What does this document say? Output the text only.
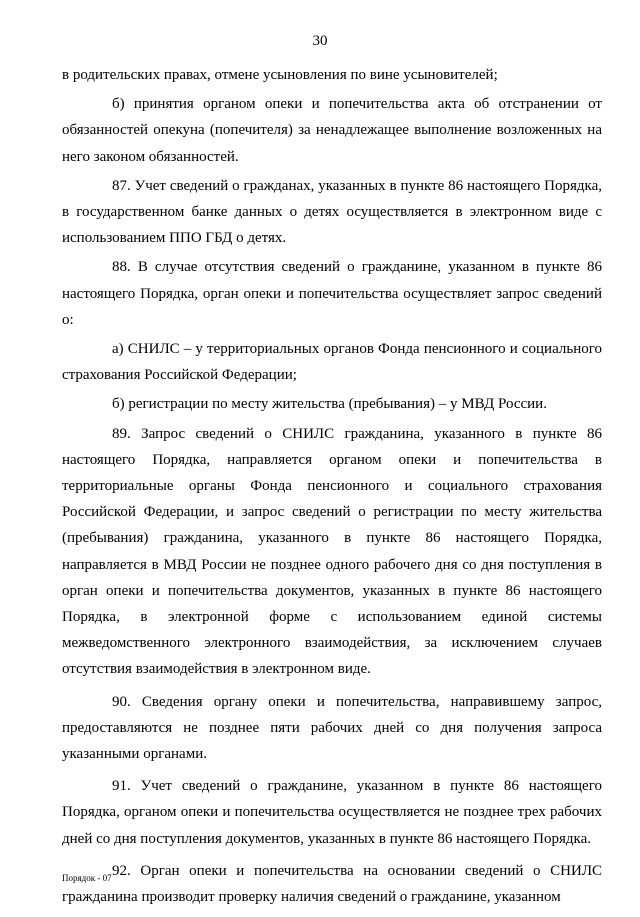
30

в родительских правах, отмене усыновления по вине усыновителей;

б) принятия органом опеки и попечительства акта об отстранении от обязанностей опекуна (попечителя) за ненадлежащее выполнение возложенных на него законом обязанностей.

87. Учет сведений о гражданах, указанных в пункте 86 настоящего Порядка, в государственном банке данных о детях осуществляется в электронном виде с использованием ППО ГБД о детях.

88. В случае отсутствия сведений о гражданине, указанном в пункте 86 настоящего Порядка, орган опеки и попечительства осуществляет запрос сведений о:

а) СНИЛС – у территориальных органов Фонда пенсионного и социального страхования Российской Федерации;

б) регистрации по месту жительства (пребывания) – у МВД России.

89. Запрос сведений о СНИЛС гражданина, указанного в пункте 86 настоящего Порядка, направляется органом опеки и попечительства в территориальные органы Фонда пенсионного и социального страхования Российской Федерации, и запрос сведений о регистрации по месту жительства (пребывания) гражданина, указанного в пункте 86 настоящего Порядка, направляется в МВД России не позднее одного рабочего дня со дня поступления в орган опеки и попечительства документов, указанных в пункте 86 настоящего Порядка, в электронной форме с использованием единой системы межведомственного электронного взаимодействия, за исключением случаев отсутствия взаимодействия в электронном виде.

90. Сведения органу опеки и попечительства, направившему запрос, предоставляются не позднее пяти рабочих дней со дня получения запроса указанными органами.

91. Учет сведений о гражданине, указанном в пункте 86 настоящего Порядка, органом опеки и попечительства осуществляется не позднее трех рабочих дней со дня поступления документов, указанных в пункте 86 настоящего Порядка.

92. Орган опеки и попечительства на основании сведений о СНИЛС гражданина производит проверку наличия сведений о гражданине, указанном

Порядок - 07
